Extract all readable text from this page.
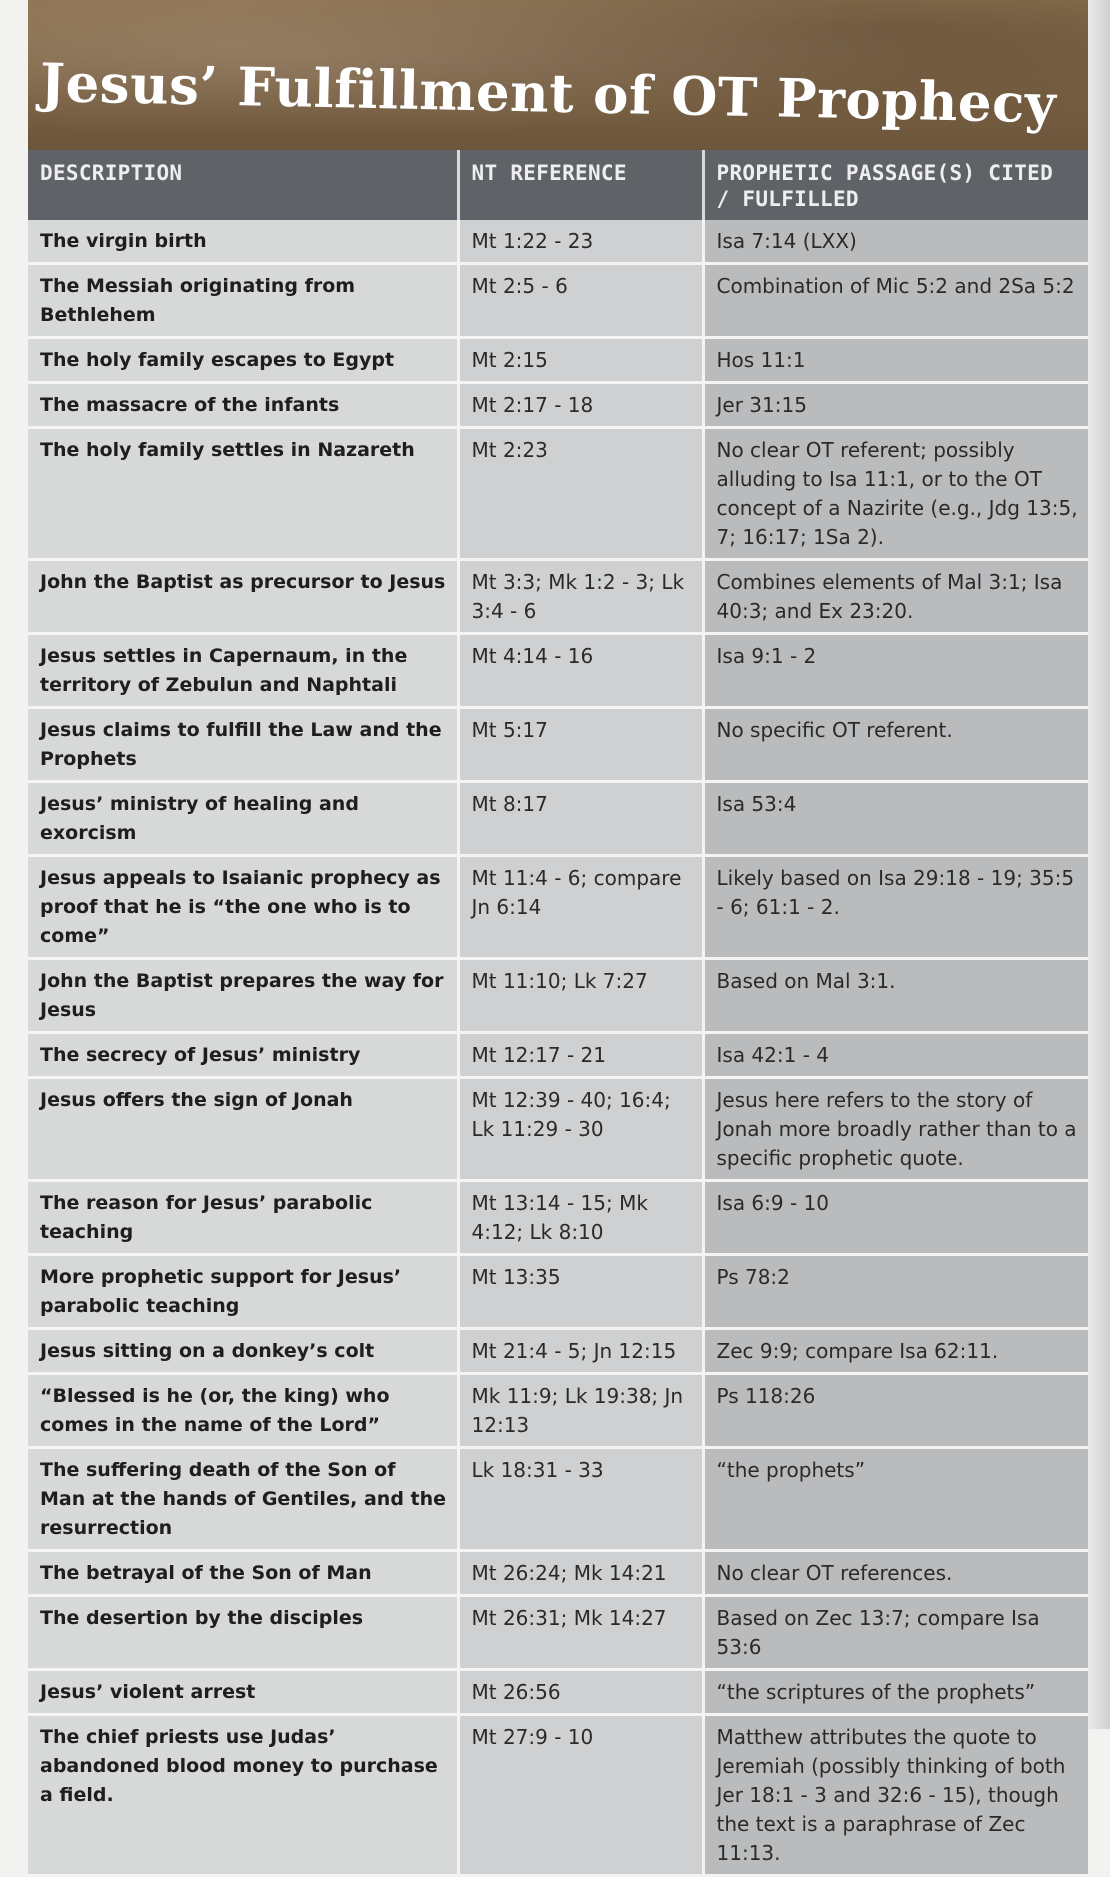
Jesus’ Fulfillment of OT Prophecy
DESCRIPTION	NT REFERENCE	PROPHETIC PASSAGE(S) CITED / FULFILLED
The virgin birth	Mt 1:22 - 23	Isa 7:14 (LXX)
The Messiah originating from Bethlehem	Mt 2:5 - 6	Combination of Mic 5:2 and 2Sa 5:2
The holy family escapes to Egypt	Mt 2:15	Hos 11:1
The massacre of the infants	Mt 2:17 - 18	Jer 31:15
The holy family settles in Nazareth	Mt 2:23	No clear OT referent; possibly alluding to Isa 11:1, or to the OT concept of a Nazirite (e.g., Jdg 13:5, 7; 16:17; 1Sa 2).
John the Baptist as precursor to Jesus	Mt 3:3; Mk 1:2 - 3; Lk 3:4 - 6	Combines elements of Mal 3:1; Isa 40:3; and Ex 23:20.
Jesus settles in Capernaum, in the territory of Zebulun and Naphtali	Mt 4:14 - 16	Isa 9:1 - 2
Jesus claims to fulfill the Law and the Prophets	Mt 5:17	No specific OT referent.
Jesus’ ministry of healing and exorcism	Mt 8:17	Isa 53:4
Jesus appeals to Isaianic prophecy as proof that he is “the one who is to come”	Mt 11:4 - 6; compare Jn 6:14	Likely based on Isa 29:18 - 19; 35:5 - 6; 61:1 - 2.
John the Baptist prepares the way for Jesus	Mt 11:10; Lk 7:27	Based on Mal 3:1.
The secrecy of Jesus’ ministry	Mt 12:17 - 21	Isa 42:1 - 4
Jesus offers the sign of Jonah	Mt 12:39 - 40; 16:4; Lk 11:29 - 30	Jesus here refers to the story of Jonah more broadly rather than to a specific prophetic quote.
The reason for Jesus’ parabolic teaching	Mt 13:14 - 15; Mk 4:12; Lk 8:10	Isa 6:9 - 10
More prophetic support for Jesus’ parabolic teaching	Mt 13:35	Ps 78:2
Jesus sitting on a donkey’s colt	Mt 21:4 - 5; Jn 12:15	Zec 9:9; compare Isa 62:11.
“Blessed is he (or, the king) who comes in the name of the Lord”	Mk 11:9; Lk 19:38; Jn 12:13	Ps 118:26
The suffering death of the Son of Man at the hands of Gentiles, and the resurrection	Lk 18:31 - 33	“the prophets”
The betrayal of the Son of Man	Mt 26:24; Mk 14:21	No clear OT references.
The desertion by the disciples	Mt 26:31; Mk 14:27	Based on Zec 13:7; compare Isa 53:6
Jesus’ violent arrest	Mt 26:56	“the scriptures of the prophets”
The chief priests use Judas’ abandoned blood money to purchase a field.	Mt 27:9 - 10	Matthew attributes the quote to Jeremiah (possibly thinking of both Jer 18:1 - 3 and 32:6 - 15), though the text is a paraphrase of Zec 11:13.
